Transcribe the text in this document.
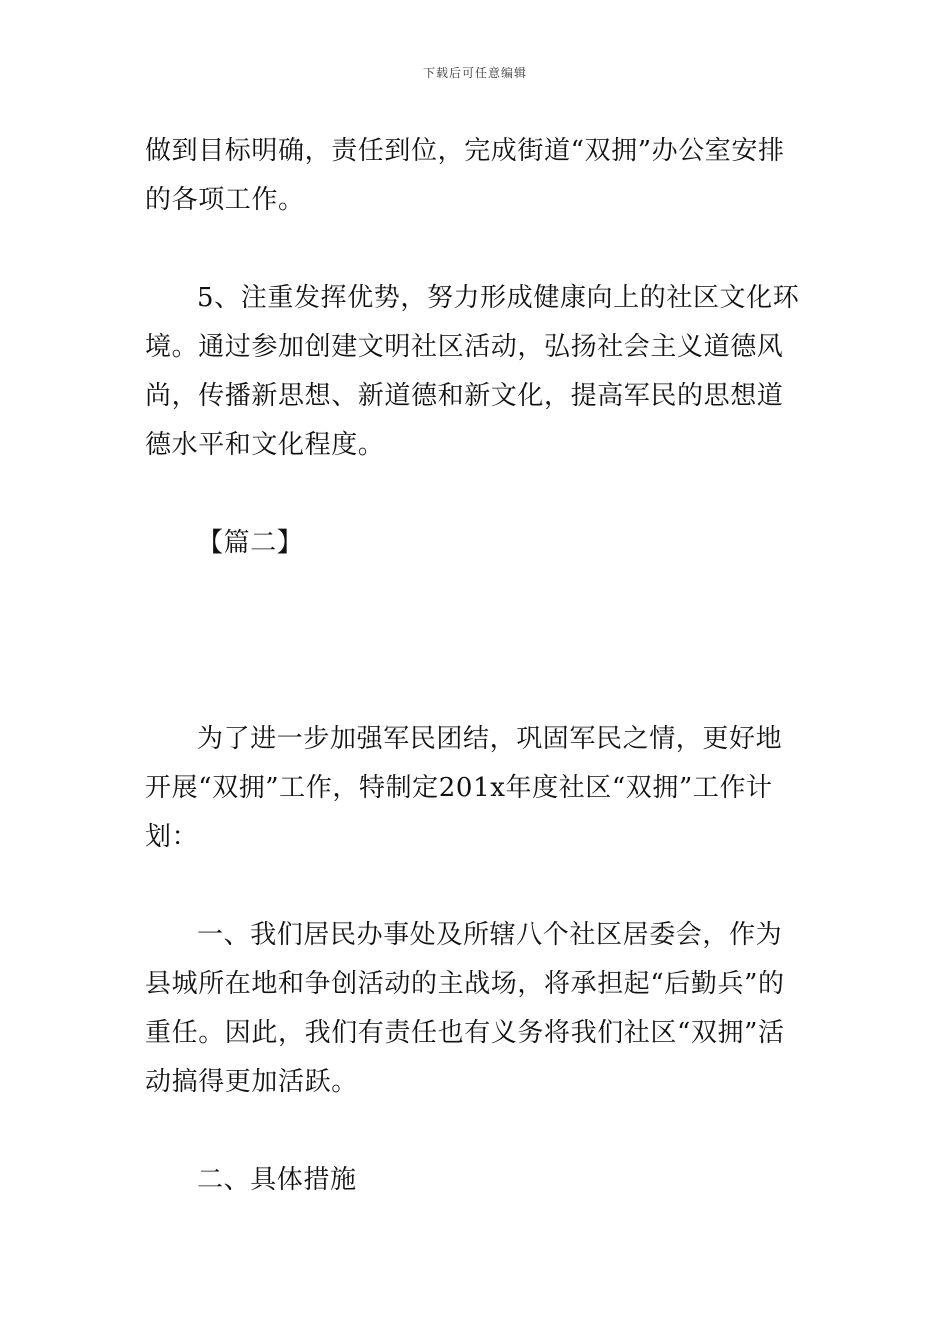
下载后可任意编辑

做到目标明确，责任到位，完成街道“双拥”办公室安排的各项工作。

5、注重发挥优势，努力形成健康向上的社区文化环境。通过参加创建文明社区活动，弘扬社会主义道德风尚，传播新思想、新道德和新文化，提高军民的思想道德水平和文化程度。

【篇二】

为了进一步加强军民团结，巩固军民之情，更好地开展“双拥”工作，特制定201x年度社区“双拥”工作计划：

一、我们居民办事处及所辖八个社区居委会，作为县城所在地和争创活动的主战场，将承担起“后勤兵”的重任。因此，我们有责任也有义务将我们社区“双拥”活动搞得更加活跃。

二、具体措施
